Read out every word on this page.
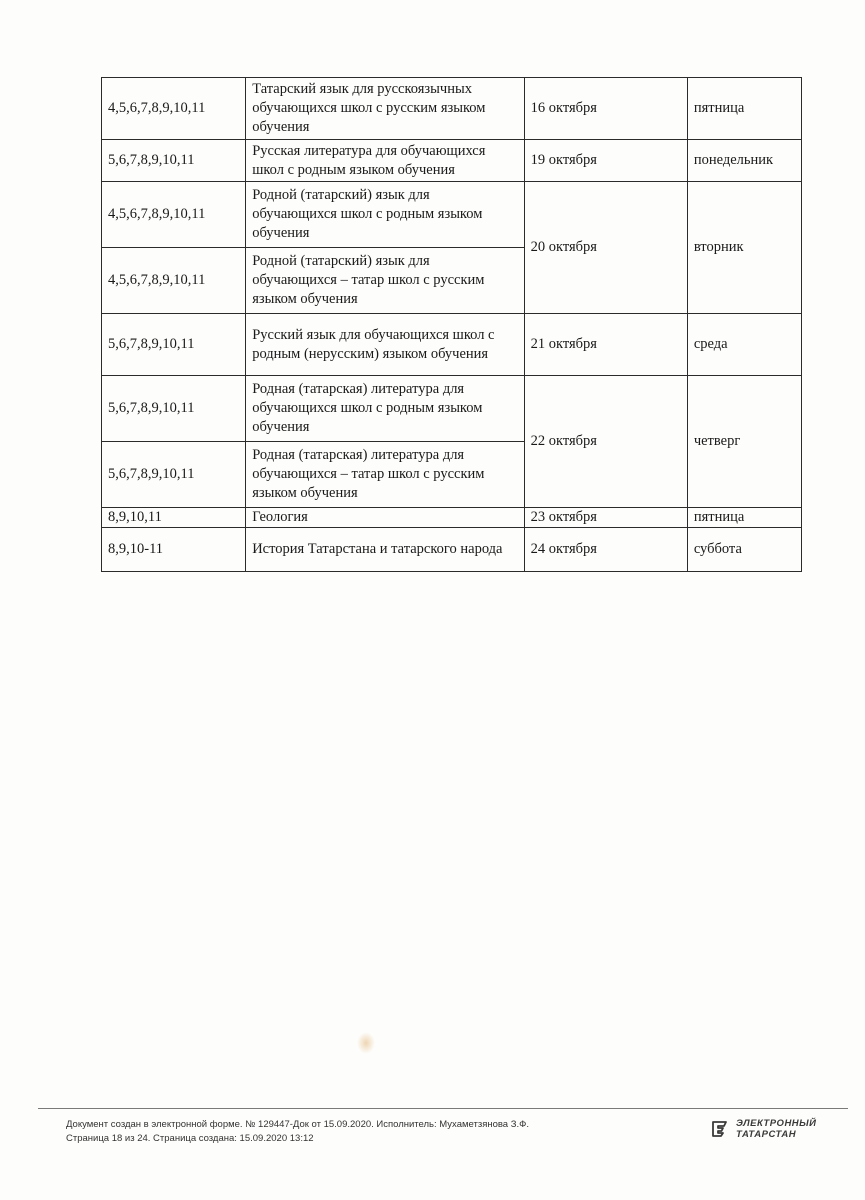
4,5,6,7,8,9,10,11	Татарский язык для русскоязычных обучающихся школ с русским языком обучения	16 октября	пятница
5,6,7,8,9,10,11	Русская литература для обучающихся школ с родным языком обучения	19 октября	понедельник
4,5,6,7,8,9,10,11	Родной (татарский) язык для обучающихся школ с родным языком обучения	20 октября	вторник
4,5,6,7,8,9,10,11	Родной (татарский) язык для обучающихся – татар школ с русским языком обучения		
5,6,7,8,9,10,11	Русский язык для обучающихся школ с родным (нерусским) языком обучения	21 октября	среда
5,6,7,8,9,10,11	Родная (татарская) литература для обучающихся школ с родным языком обучения	22 октября	четверг
5,6,7,8,9,10,11	Родная (татарская) литература для обучающихся – татар школ с русским языком обучения		
8,9,10,11	Геология	23 октября	пятница
8,9,10-11	История Татарстана и татарского народа	24 октября	суббота
Документ создан в электронной форме. № 129447-Док от 15.09.2020. Исполнитель: Мухаметзянова З.Ф.
Страница 18 из 24. Страница создана: 15.09.2020 13:12
ЭЛЕКТРОННЫЙ
ТАТАРСТАН
